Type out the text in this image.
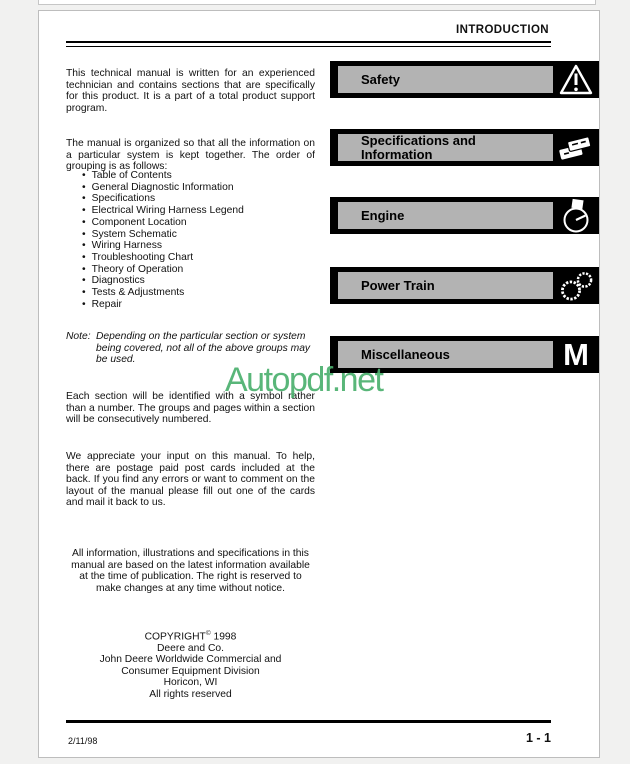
INTRODUCTION

This technical manual is written for an experienced technician and contains sections that are specifically for this product. It is a part of a total product support program.

The manual is organized so that all the information on a particular system is kept together. The order of grouping is as follows:

• Table of Contents
• General Diagnostic Information
• Specifications
• Electrical Wiring Harness Legend
• Component Location
• System Schematic
• Wiring Harness
• Troubleshooting Chart
• Theory of Operation
• Diagnostics
• Tests & Adjustments
• Repair
Note: Depending on the particular section or system being covered, not all of the above groups may be used.

Each section will be identified with a symbol rather than a number. The groups and pages within a section will be consecutively numbered.

We appreciate your input on this manual. To help, there are postage paid post cards included at the back. If you find any errors or want to comment on the layout of the manual please fill out one of the cards and mail it back to us.

All information, illustrations and specifications in this manual are based on the latest information available at the time of publication. The right is reserved to make changes at any time without notice.
COPYRIGHT© 1998
Deere and Co.
John Deere Worldwide Commercial and
Consumer Equipment Division
Horicon, WI
All rights reserved
Safety
Specifications and Information
Engine
Power Train
Miscellaneous	M
Autopdf.net
2/11/98	1 - 1
